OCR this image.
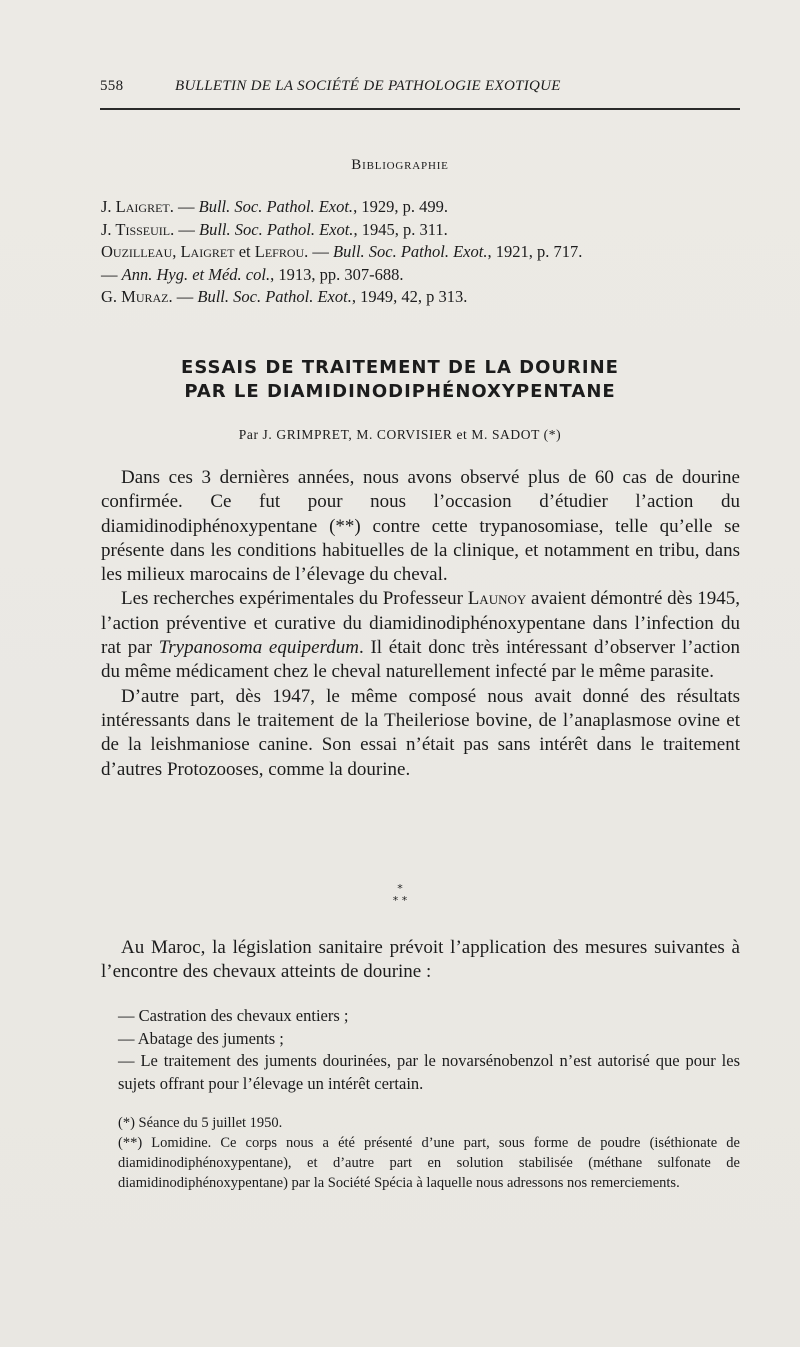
558	BULLETIN DE LA SOCIÉTÉ DE PATHOLOGIE EXOTIQUE
Bibliographie
J. Laigret. — Bull. Soc. Pathol. Exot., 1929, p. 499.
J. Tisseuil. — Bull. Soc. Pathol. Exot., 1945, p. 311.
Ouzilleau, Laigret et Lefrou. — Bull. Soc. Pathol. Exot., 1921, p. 717.
— Ann. Hyg. et Méd. col., 1913, pp. 307-688.
G. Muraz. — Bull. Soc. Pathol. Exot., 1949, 42, p 313.
ESSAIS DE TRAITEMENT DE LA DOURINE
PAR LE DIAMIDINODIPHÉNOXYPENTANE
Par J. GRIMPRET, M. CORVISIER et M. SADOT (*)

Dans ces 3 dernières années, nous avons observé plus de 60 cas de dourine confirmée. Ce fut pour nous l’occasion d’étudier l’action du diamidinodiphénoxypentane (**) contre cette trypanosomiase, telle qu’elle se présente dans les conditions habituelles de la clinique, et notamment en tribu, dans les milieux marocains de l’élevage du cheval.

Les recherches expérimentales du Professeur Launoy avaient démontré dès 1945, l’action préventive et curative du diamidinodiphénoxypentane dans l’infection du rat par Trypanosoma equiperdum. Il était donc très intéressant d’observer l’action du même médicament chez le cheval naturellement infecté par le même parasite.

D’autre part, dès 1947, le même composé nous avait donné des résultats intéressants dans le traitement de la Theileriose bovine, de l’anaplasmose ovine et de la leishmaniose canine. Son essai n’était pas sans intérêt dans le traitement d’autres Protozooses, comme la dourine.

*
* *

Au Maroc, la législation sanitaire prévoit l’application des mesures suivantes à l’encontre des chevaux atteints de dourine :

— Castration des chevaux entiers ;
— Abatage des juments ;
— Le traitement des juments dourinées, par le novarsénobenzol n’est autorisé que pour les sujets offrant pour l’élevage un intérêt certain.
(*) Séance du 5 juillet 1950.
(**) Lomidine. Ce corps nous a été présenté d’une part, sous forme de poudre (iséthionate de diamidinodiphénoxypentane), et d’autre part en solution stabilisée (méthane sulfonate de diamidinodiphénoxypentane) par la Société Spécia à laquelle nous adressons nos remerciements.
